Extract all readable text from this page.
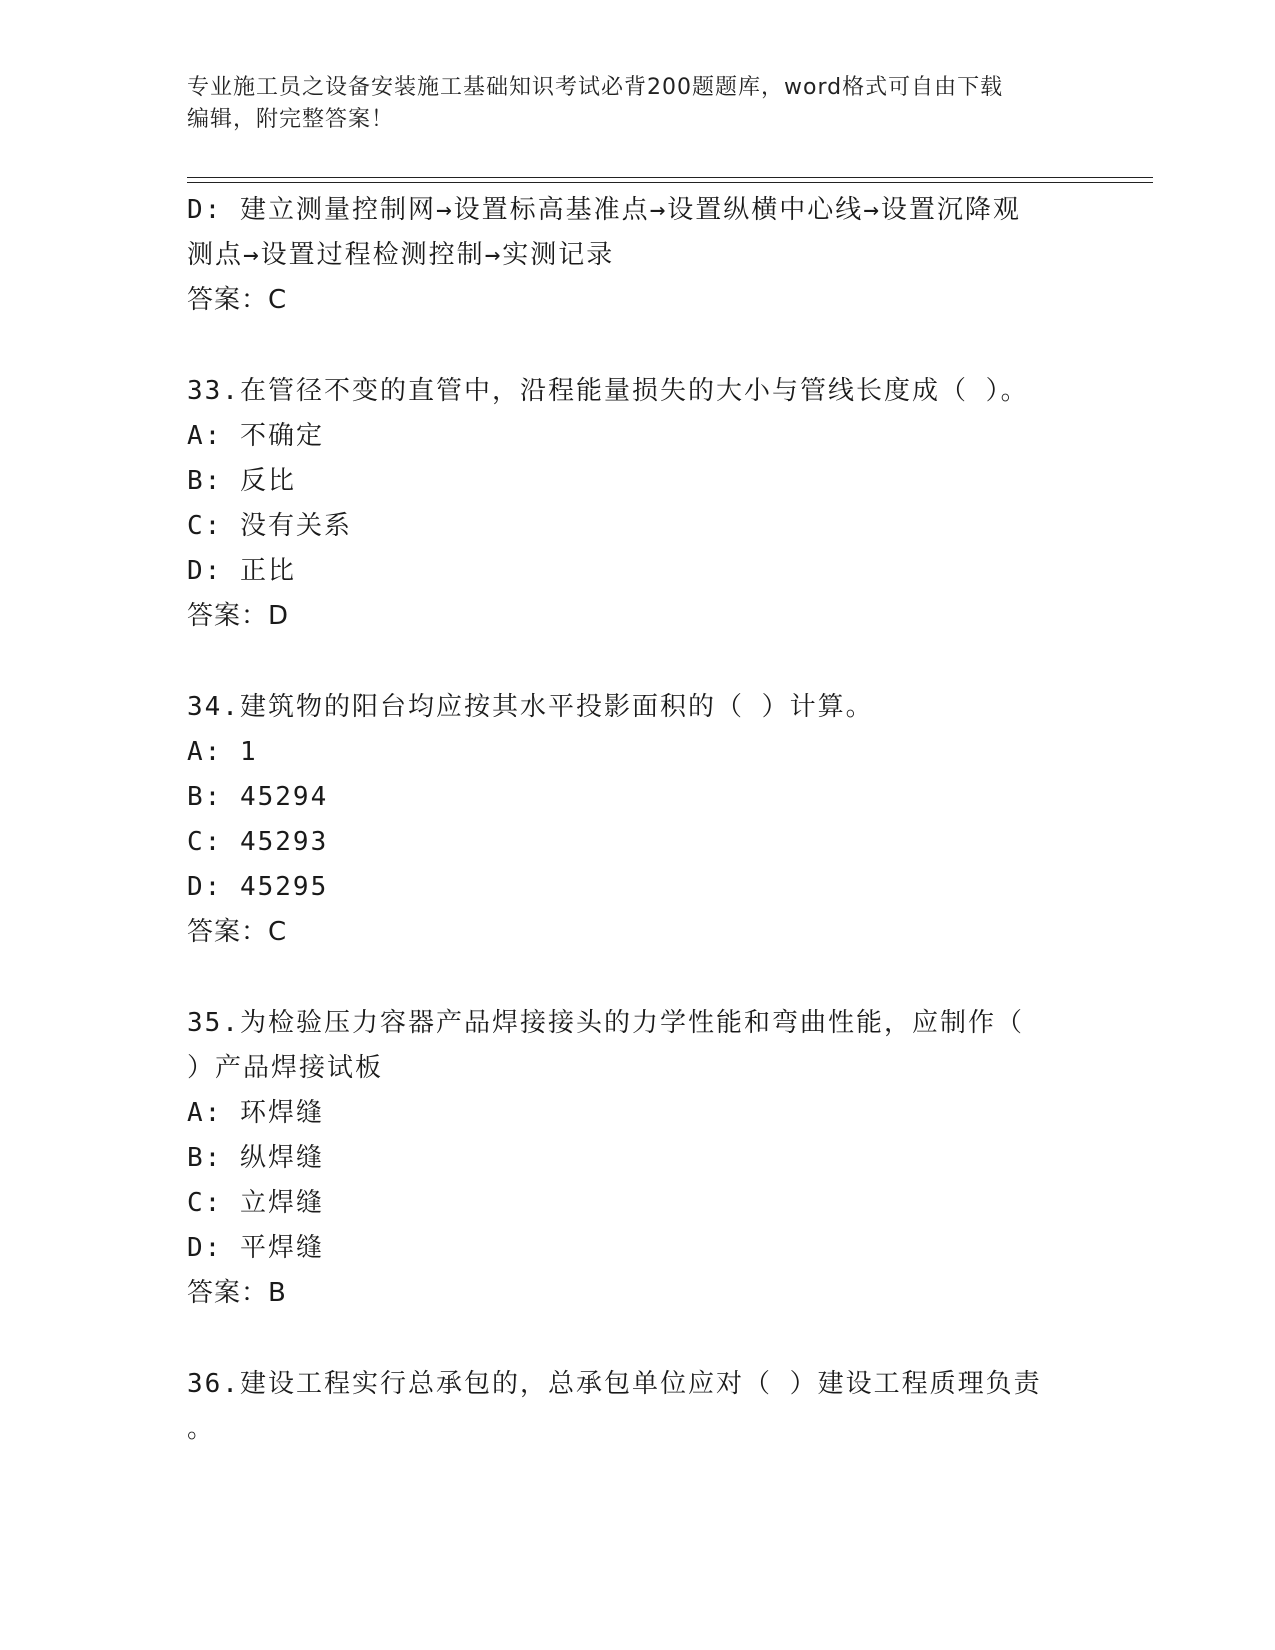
专业施工员之设备安装施工基础知识考试必背200题题库，word格式可自由下载
编辑，附完整答案！
D: 建立测量控制网→设置标高基准点→设置纵横中心线→设置沉降观
测点→设置过程检测控制→实测记录
答案：C
33.在管径不变的直管中，沿程能量损失的大小与管线长度成（ ）。
A: 不确定
B: 反比
C: 没有关系
D: 正比
答案：D
34.建筑物的阳台均应按其水平投影面积的（ ）计算。
A: 1
B: 45294
C: 45293
D: 45295
答案：C
35.为检验压力容器产品焊接接头的力学性能和弯曲性能，应制作（
）产品焊接试板
A: 环焊缝
B: 纵焊缝
C: 立焊缝
D: 平焊缝
答案：B
36.建设工程实行总承包的，总承包单位应对（ ）建设工程质理负责
。
